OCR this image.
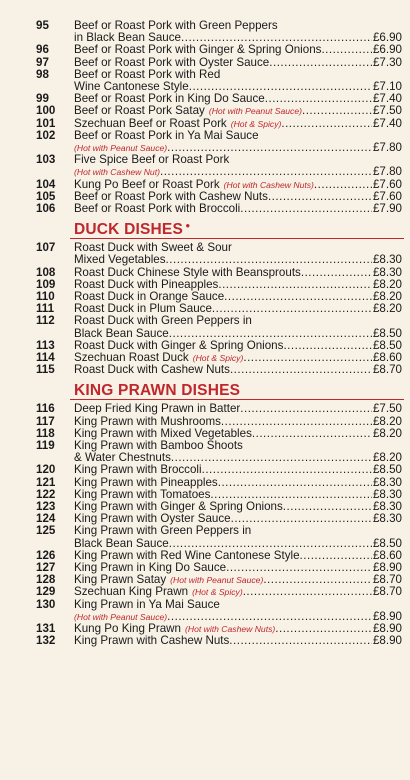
95	Beef or Roast Pork with Green Peppers
in Black Bean Sauce .....	£6.90
96	Beef or Roast Pork with Ginger & Spring Onions .....	£6.90
97	Beef or Roast Pork with Oyster Sauce .....	£7.30
98	Beef or Roast Pork with Red
Wine Cantonese Style .....	£7.10
99	Beef or Roast Pork in King Do Sauce .....	£7.40
100	Beef or Roast Pork Satay (Hot with Peanut Sauce) .....	£7.50
101	Szechuan Beef or Roast Pork (Hot & Spicy) .....	£7.40
102	Beef or Roast Pork in Ya Mai Sauce
(Hot with Peanut Sauce) .....	£7.80
103	Five Spice Beef or Roast Pork
(Hot with Cashew Nut) .....	£7.80
104	Kung Po Beef or Roast Pork (Hot with Cashew Nuts) .....	£7.60
105	Beef or Roast Pork with Cashew Nuts .....	£7.60
106	Beef or Roast Pork with Broccoli .....	£7.90
DUCK DISHES ●
107	Roast Duck with Sweet & Sour
Mixed Vegetables .....	£8.30
108	Roast Duck Chinese Style with Beansprouts .....	£8.30
109	Roast Duck with Pineapples .....	£8.20
110	Roast Duck in Orange Sauce .....	£8.20
111	Roast Duck in Plum Sauce .....	£8.20
112	Roast Duck with Green Peppers in
Black Bean Sauce .....	£8.50
113	Roast Duck with Ginger & Spring Onions .....	£8.50
114	Szechuan Roast Duck (Hot & Spicy) .....	£8.60
115	Roast Duck with Cashew Nuts .....	£8.70
KING PRAWN DISHES
116	Deep Fried King Prawn in Batter .....	£7.50
117	King Prawn with Mushrooms .....	£8.20
118	King Prawn with Mixed Vegetables .....	£8.20
119	King Prawn with Bamboo Shoots
& Water Chestnuts .....	£8.20
120	King Prawn with Broccoli .....	£8.50
121	King Prawn with Pineapples .....	£8.30
122	King Prawn with Tomatoes .....	£8.30
123	King Prawn with Ginger & Spring Onions .....	£8.30
124	King Prawn with Oyster Sauce .....	£8.30
125	King Prawn with Green Peppers in
Black Bean Sauce .....	£8.50
126	King Prawn with Red Wine Cantonese Style .....	£8.60
127	King Prawn in King Do Sauce .....	£8.90
128	King Prawn Satay (Hot with Peanut Sauce) .....	£8.70
129	Szechuan King Prawn (Hot & Spicy) .....	£8.70
130	King Prawn in Ya Mai Sauce
(Hot with Peanut Sauce) .....	£8.90
131	Kung Po King Prawn (Hot with Cashew Nuts) .....	£8.90
132	King Prawn with Cashew Nuts .....	£8.90
